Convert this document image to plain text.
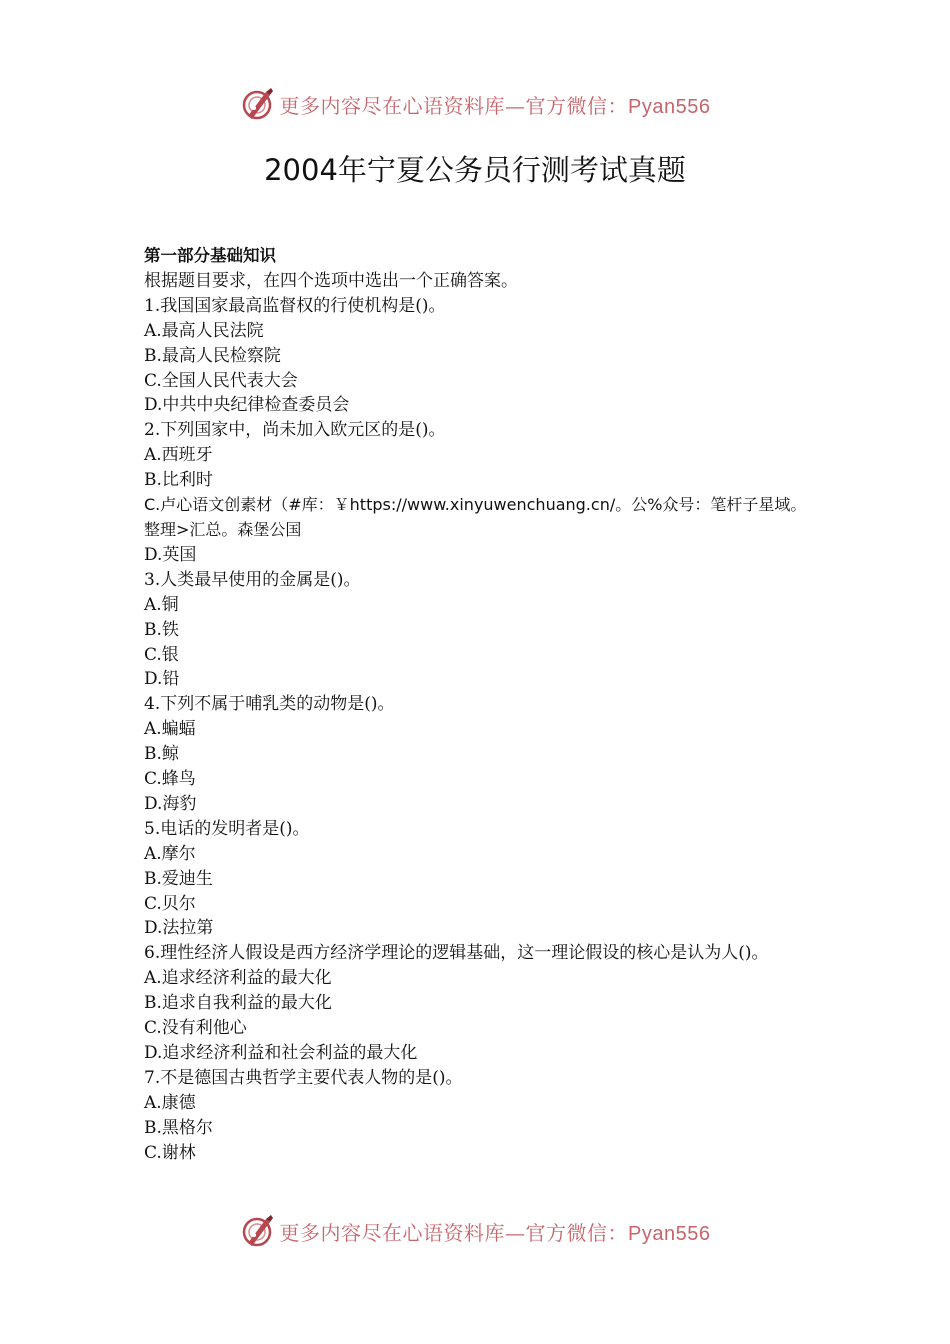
更多内容尽在心语资料库—官方微信：Pyan556
2004年宁夏公务员行测考试真题

第一部分基础知识

根据题目要求，在四个选项中选出一个正确答案。

1.我国国家最高监督权的行使机构是()。

A.最高人民法院

B.最高人民检察院

C.全国人民代表大会

D.中共中央纪律检查委员会

2.下列国家中，尚未加入欧元区的是()。

A.西班牙

B.比利时

C.卢心语文创素材（#库：￥https://www.xinyuwenchuang.cn/。公%众号：笔杆子星域。整理>汇总。森堡公国

D.英国

3.人类最早使用的金属是()。

A.铜

B.铁

C.银

D.铅

4.下列不属于哺乳类的动物是()。

A.蝙蝠

B.鲸

C.蜂鸟

D.海豹

5.电话的发明者是()。

A.摩尔

B.爱迪生

C.贝尔

D.法拉第

6.理性经济人假设是西方经济学理论的逻辑基础，这一理论假设的核心是认为人()。

A.追求经济利益的最大化

B.追求自我利益的最大化

C.没有利他心

D.追求经济利益和社会利益的最大化

7.不是德国古典哲学主要代表人物的是()。

A.康德

B.黑格尔

C.谢林

更多内容尽在心语资料库—官方微信：Pyan556
